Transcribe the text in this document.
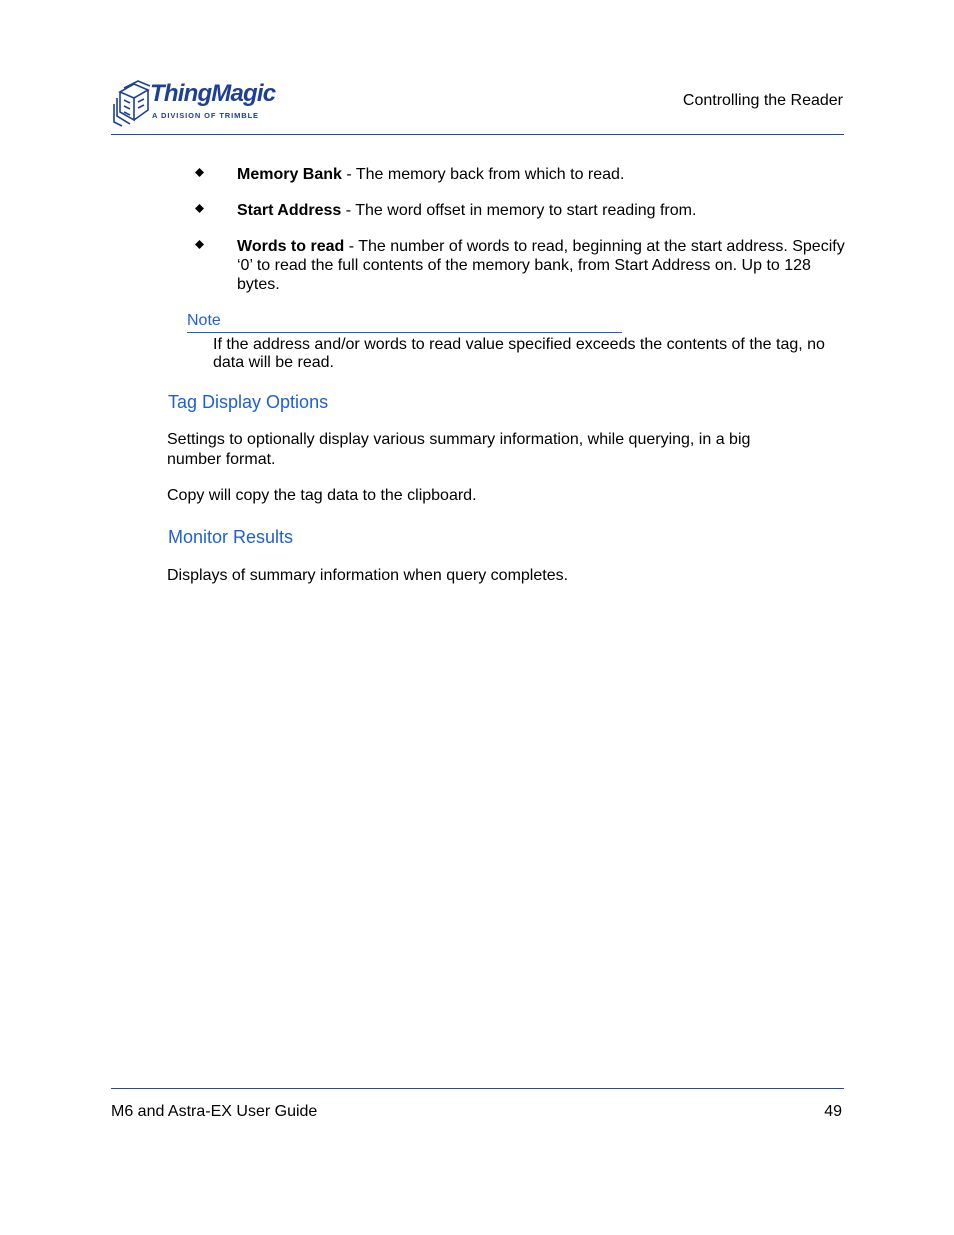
ThingMagic
A DIVISION OF TRIMBLE
Controlling the Reader
Memory Bank - The memory back from which to read.
Start Address - The word offset in memory to start reading from.
Words to read - The number of words to read, beginning at the start address. Specify ‘0’ to read the full contents of the memory bank, from Start Address on. Up to 128 bytes.
Note
If the address and/or words to read value specified exceeds the contents of the tag, no data will be read.
Tag Display Options
Settings to optionally display various summary information, while querying, in a big number format.
Copy will copy the tag data to the clipboard.
Monitor Results
Displays of summary information when query completes.
M6 and Astra-EX User Guide	49
